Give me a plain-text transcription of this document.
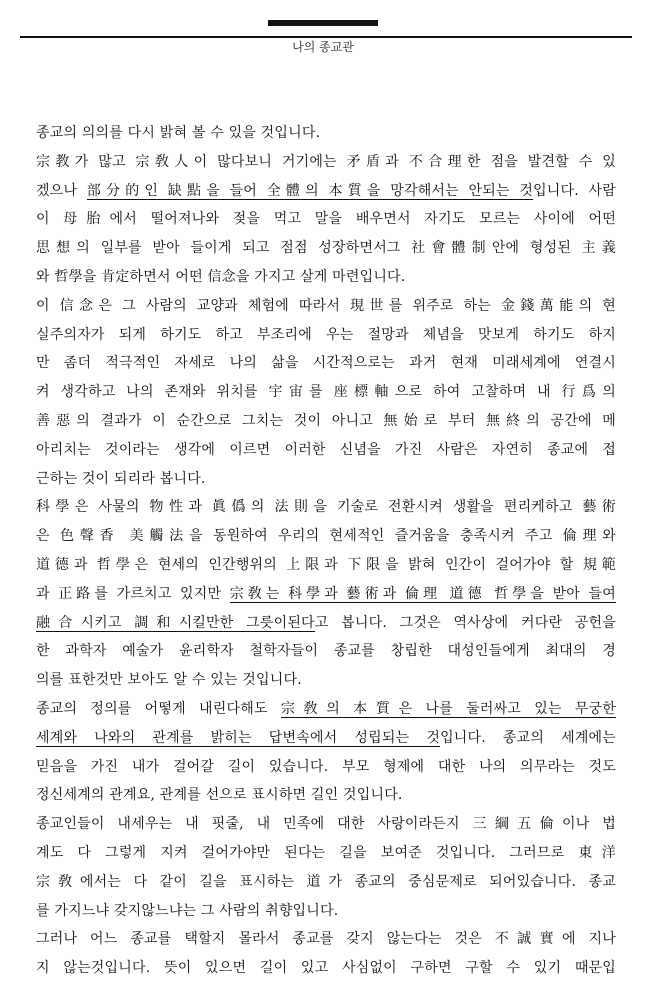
나의 종교관
종교의 의의를 다시 밝혀 볼 수 있을 것입니다.
宗教가 많고 宗敎人이 많다보니 거기에는 矛盾과 不合理한 점을 발견할 수 있
겠으나 部分的인 缺點을 들어 全體의 本質을 망각해서는 안되는 것입니다. 사람
이 母胎에서 떨어져나와 젖을 먹고 말을 배우면서 자기도 모르는 사이에 어떤
思想의 일부를 받아 들이게 되고 점점 성장하면서그 社會體制안에 형성된 主義
와 哲學을 肯定하면서 어떤 信念을 가지고 살게 마련입니다.
이 信念은 그 사람의 교양과 체험에 따라서 現世를 위주로 하는 金錢萬能의 현
실주의자가 되게 하기도 하고 부조리에 우는 절망과 체념을 맛보게 하기도 하지
만 좀더 적극적인 자세로 나의 삶을 시간적으로는 과거 현재 미래세계에 연결시
켜 생각하고 나의 존재와 위치를 宇宙를 座標軸으로 하여 고찰하며 내 行爲의
善惡의 결과가 이 순간으로 그치는 것이 아니고 無始로 부터 無終의 공간에 메
아리치는 것이라는 생각에 이르면 이러한 신념을 가진 사람은 자연히 종교에 접
근하는 것이 되리라 봅니다.
科學은 사물의 物性과 眞僞의 法則을 기술로 전환시켜 생활을 편리케하고 藝術
은 色聲香 美觸法을 동원하여 우리의 현세적인 즐거움을 충족시켜 주고 倫理와
道德과 哲學은 현세의 인간행위의 上限과 下限을 밝혀 인간이 걸어가야 할 規範
과 正路를 가르치고 있지만 宗敎는 科學과 藝術과 倫理 道德 哲學을 받아 들여
融合시키고 調和시킬만한 그릇이된다고 봅니다. 그것은 역사상에 커다란 공헌을
한 과학자 예술가 윤리학자 철학자들이 종교를 창립한 대성인들에게 최대의 경
의를 표한것만 보아도 알 수 있는 것입니다.
종교의 정의를 어떻게 내린다해도 宗敎의 本質은 나를 둘러싸고 있는 무궁한
세계와 나와의 관계를 밝히는 답변속에서 성립되는 것입니다. 종교의 세계에는
믿음을 가진 내가 걸어갈 길이 있습니다. 부모 형제에 대한 나의 의무라는 것도
정신세계의 관계요, 관계를 선으로 표시하면 길인 것입니다.
종교인들이 내세우는 내 핏줄, 내 민족에 대한 사랑이라든지 三綱五倫이나 법
계도 다 그렇게 지켜 걸어가야만 된다는 길을 보여준 것입니다. 그러므로 東洋
宗敎에서는 다 같이 길을 표시하는 道가 종교의 중심문제로 되어있습니다. 종교
를 가지느냐 갖지않느냐는 그 사람의 취향입니다.
그러나 어느 종교를 택할지 몰라서 종교를 갖지 않는다는 것은 不誠實에 지나
지 않는것입니다. 뜻이 있으면 길이 있고 사심없이 구하면 구할 수 있기 때문입
